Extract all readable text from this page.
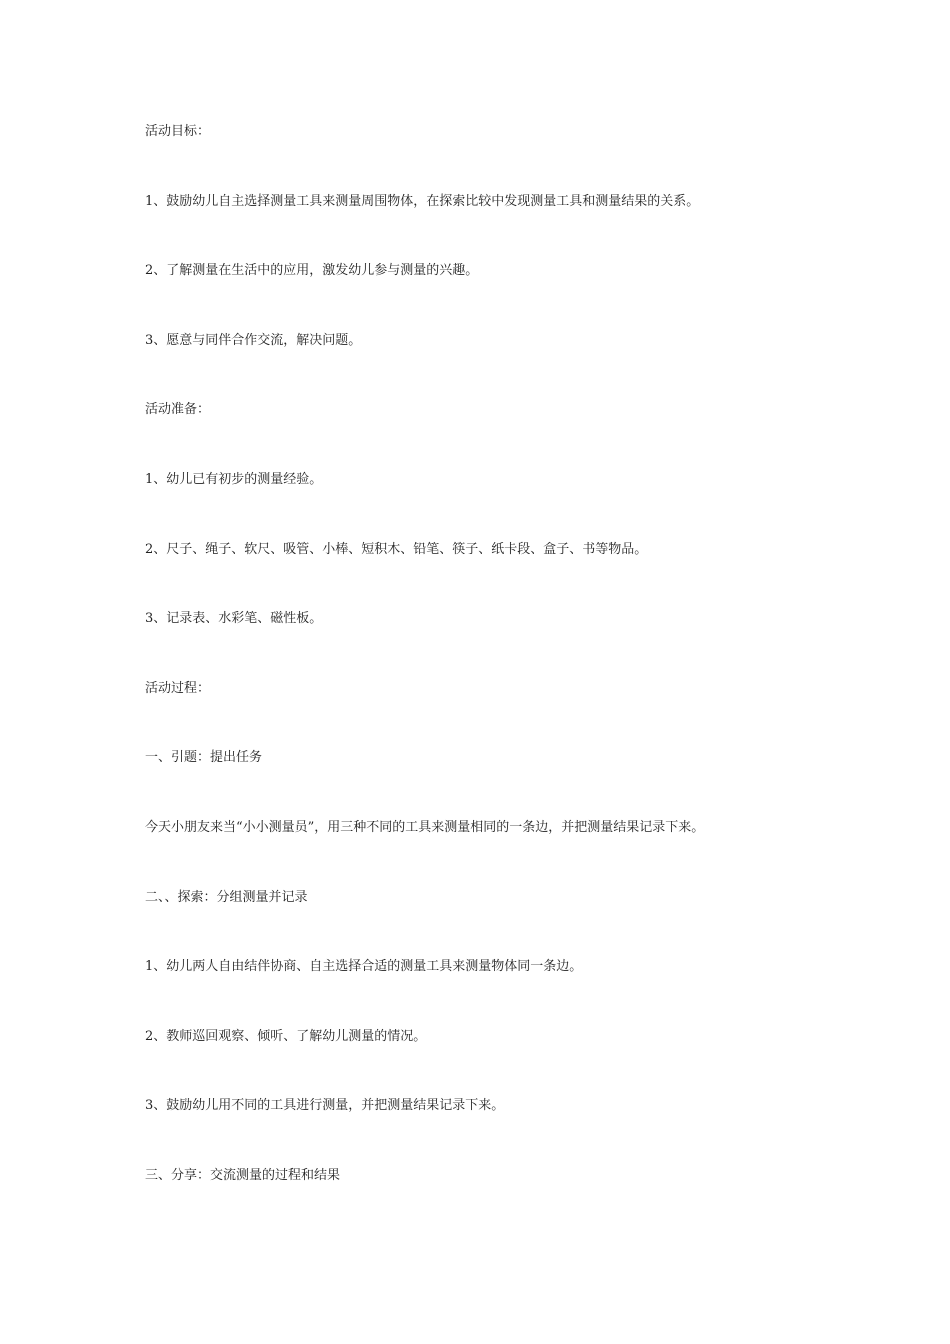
活动目标：

1、鼓励幼儿自主选择测量工具来测量周围物体，在探索比较中发现测量工具和测量结果的关系。

2、了解测量在生活中的应用，激发幼儿参与测量的兴趣。

3、愿意与同伴合作交流，解决问题。

活动准备：

1、幼儿已有初步的测量经验。

2、尺子、绳子、软尺、吸管、小棒、短积木、铅笔、筷子、纸卡段、盒子、书等物品。

3、记录表、水彩笔、磁性板。

活动过程：

一、引题：提出任务

今天小朋友来当“小小测量员”，用三种不同的工具来测量相同的一条边，并把测量结果记录下来。

二、、探索：分组测量并记录

1、幼儿两人自由结伴协商、自主选择合适的测量工具来测量物体同一条边。

2、教师巡回观察、倾听、了解幼儿测量的情况。

3、鼓励幼儿用不同的工具进行测量，并把测量结果记录下来。

三、分享：交流测量的过程和结果
